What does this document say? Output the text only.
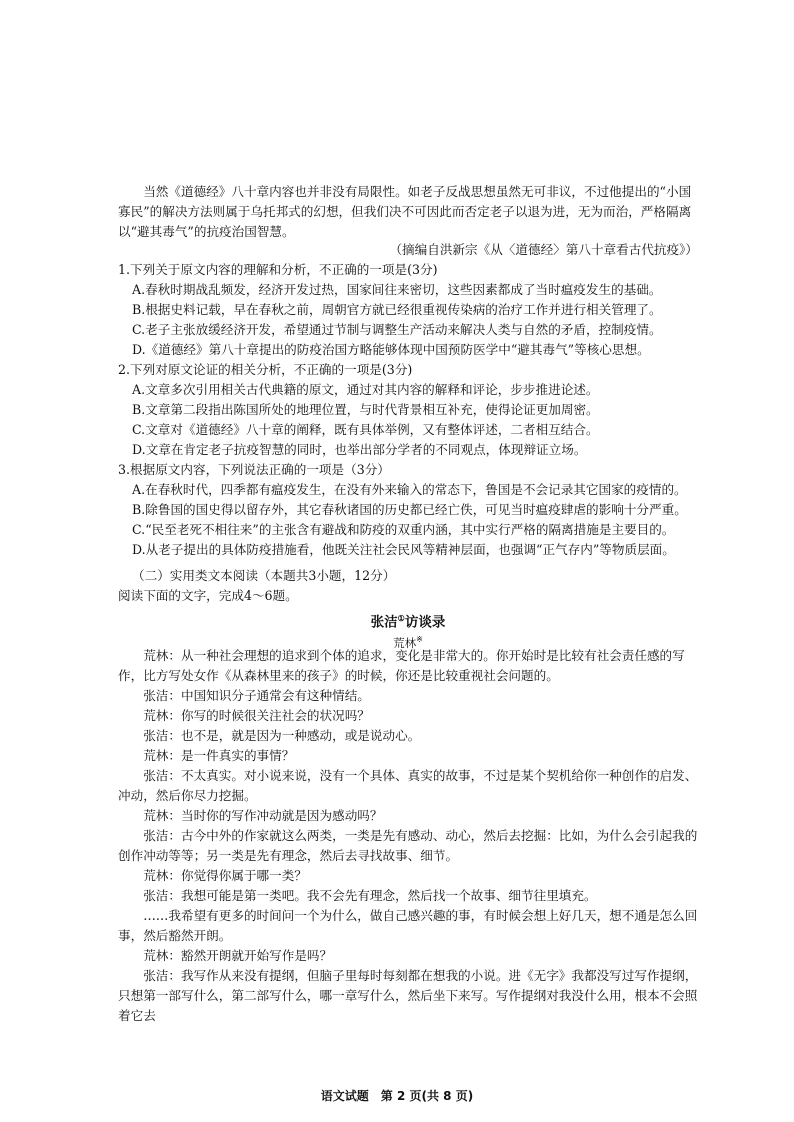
当然《道德经》八十章内容也并非没有局限性。如老子反战思想虽然无可非议，不过他提出的“小国寡民”的解决方法则属于乌托邦式的幻想，但我们决不可因此而否定老子以退为进，无为而治，严格隔离以“避其毒气”的抗疫治国智慧。

（摘编自洪新宗《从〈道德经〉第八十章看古代抗疫》）

1.下列关于原文内容的理解和分析，不正确的一项是(3分)

A.春秋时期战乱频发，经济开发过热，国家间往来密切，这些因素都成了当时瘟疫发生的基础。

B.根据史料记载，早在春秋之前，周朝官方就已经很重视传染病的治疗工作并进行相关管理了。

C.老子主张放缓经济开发，希望通过节制与调整生产活动来解决人类与自然的矛盾，控制疫情。

D.《道德经》第八十章提出的防疫治国方略能够体现中国预防医学中“避其毒气”等核心思想。

2.下列对原文论证的相关分析，不正确的一项是(3分)

A.文章多次引用相关古代典籍的原文，通过对其内容的解释和评论，步步推进论述。

B.文章第二段指出陈国所处的地理位置，与时代背景相互补充，使得论证更加周密。

C.文章对《道德经》八十章的阐释，既有具体举例，又有整体评述，二者相互结合。

D.文章在肯定老子抗疫智慧的同时，也举出部分学者的不同观点，体现辩证立场。

3.根据原文内容，下列说法正确的一项是（3分）

A.在春秋时代，四季都有瘟疫发生，在没有外来输入的常态下，鲁国是不会记录其它国家的疫情的。

B.除鲁国的国史得以留存外，其它春秋诸国的历史都已经亡佚，可见当时瘟疫肆虐的影响十分严重。

C.“民至老死不相往来”的主张含有避战和防疫的双重内涵，其中实行严格的隔离措施是主要目的。

D.从老子提出的具体防疫措施看，他既关注社会民风等精神层面，也强调“正气存内”等物质层面。

（二）实用类文本阅读（本题共3小题，12分）

阅读下面的文字，完成4～6题。

张洁①访谈录

荒林※

荒林：从一种社会理想的追求到个体的追求，变化是非常大的。你开始时是比较有社会责任感的写作，比方写处女作《从森林里来的孩子》的时候，你还是比较重视社会问题的。

张洁：中国知识分子通常会有这种情结。

荒林：你写的时候很关注社会的状况吗？

张洁：也不是，就是因为一种感动，或是说动心。

荒林：是一件真实的事情？

张洁：不太真实。对小说来说，没有一个具体、真实的故事，不过是某个契机给你一种创作的启发、冲动，然后你尽力挖掘。

荒林：当时你的写作冲动就是因为感动吗？

张洁：古今中外的作家就这么两类，一类是先有感动、动心，然后去挖掘：比如，为什么会引起我的创作冲动等等；另一类是先有理念，然后去寻找故事、细节。

荒林：你觉得你属于哪一类？

张洁：我想可能是第一类吧。我不会先有理念，然后找一个故事、细节往里填充。

……我希望有更多的时间问一个为什么，做自己感兴趣的事，有时候会想上好几天，想不通是怎么回事，然后豁然开朗。

荒林：豁然开朗就开始写作是吗？

张洁：我写作从来没有提纲，但脑子里每时每刻都在想我的小说。进《无字》我都没写过写作提纲，只想第一部写什么，第二部写什么，哪一章写什么，然后坐下来写。写作提纲对我没什么用，根本不会照着它去

语文试题　第 2 页(共 8 页)
